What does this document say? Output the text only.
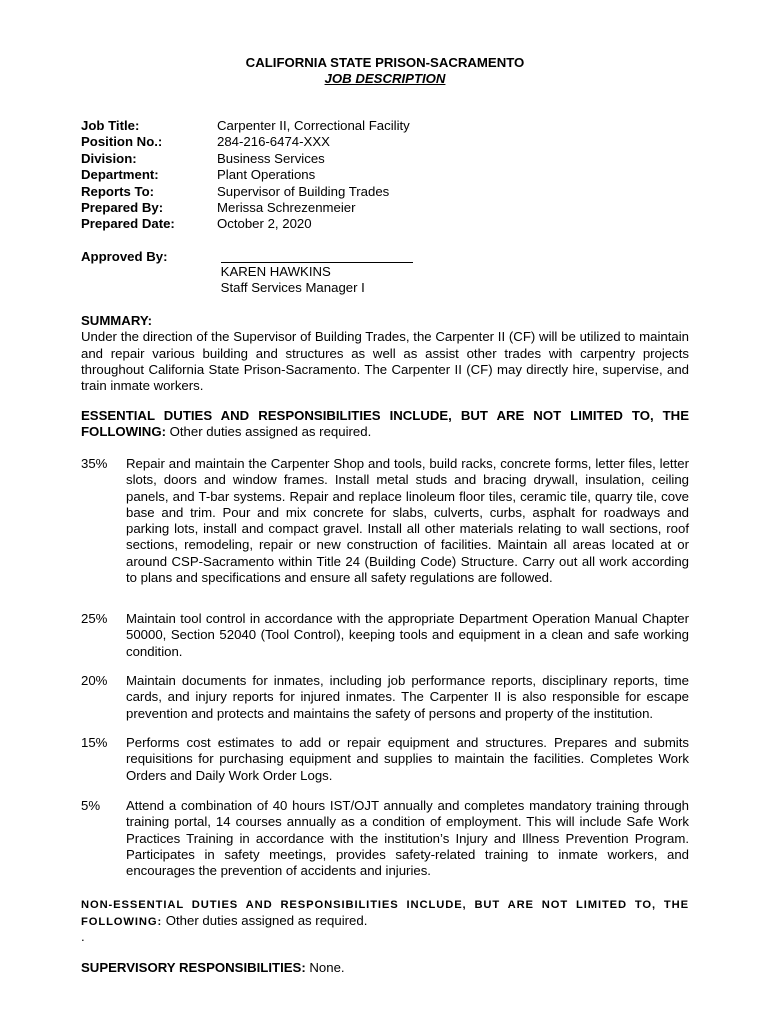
CALIFORNIA STATE PRISON-SACRAMENTO
JOB DESCRIPTION
Job Title:	Carpenter II, Correctional Facility
Position No.:	284-216-6474-XXX
Division:	Business Services
Department:	Plant Operations
Reports To:	Supervisor of Building Trades
Prepared By:	Merissa Schrezenmeier
Prepared Date:	October 2, 2020
Approved By:
KAREN HAWKINS
Staff Services Manager I
SUMMARY:
Under the direction of the Supervisor of Building Trades, the Carpenter II (CF) will be utilized to maintain and repair various building and structures as well as assist other trades with carpentry projects throughout California State Prison-Sacramento. The Carpenter II (CF) may directly hire, supervise, and train inmate workers.
ESSENTIAL DUTIES AND RESPONSIBILITIES INCLUDE, BUT ARE NOT LIMITED TO, THE FOLLOWING: Other duties assigned as required.
35%	Repair and maintain the Carpenter Shop and tools, build racks, concrete forms, letter files, letter slots, doors and window frames. Install metal studs and bracing drywall, insulation, ceiling panels, and T-bar systems. Repair and replace linoleum floor tiles, ceramic tile, quarry tile, cove base and trim. Pour and mix concrete for slabs, culverts, curbs, asphalt for roadways and parking lots, install and compact gravel. Install all other materials relating to wall sections, roof sections, remodeling, repair or new construction of facilities. Maintain all areas located at or around CSP-Sacramento within Title 24 (Building Code) Structure. Carry out all work according to plans and specifications and ensure all safety regulations are followed.
25%	Maintain tool control in accordance with the appropriate Department Operation Manual Chapter 50000, Section 52040 (Tool Control), keeping tools and equipment in a clean and safe working condition.
20%	Maintain documents for inmates, including job performance reports, disciplinary reports, time cards, and injury reports for injured inmates. The Carpenter II is also responsible for escape prevention and protects and maintains the safety of persons and property of the institution.
15%	Performs cost estimates to add or repair equipment and structures. Prepares and submits requisitions for purchasing equipment and supplies to maintain the facilities. Completes Work Orders and Daily Work Order Logs.
5%	Attend a combination of 40 hours IST/OJT annually and completes mandatory training through training portal, 14 courses annually as a condition of employment. This will include Safe Work Practices Training in accordance with the institution’s Injury and Illness Prevention Program. Participates in safety meetings, provides safety-related training to inmate workers, and encourages the prevention of accidents and injuries.
NON-ESSENTIAL DUTIES AND RESPONSIBILITIES INCLUDE, BUT ARE NOT LIMITED TO, THE FOLLOWING: Other duties assigned as required.
.
SUPERVISORY RESPONSIBILITIES: None.
